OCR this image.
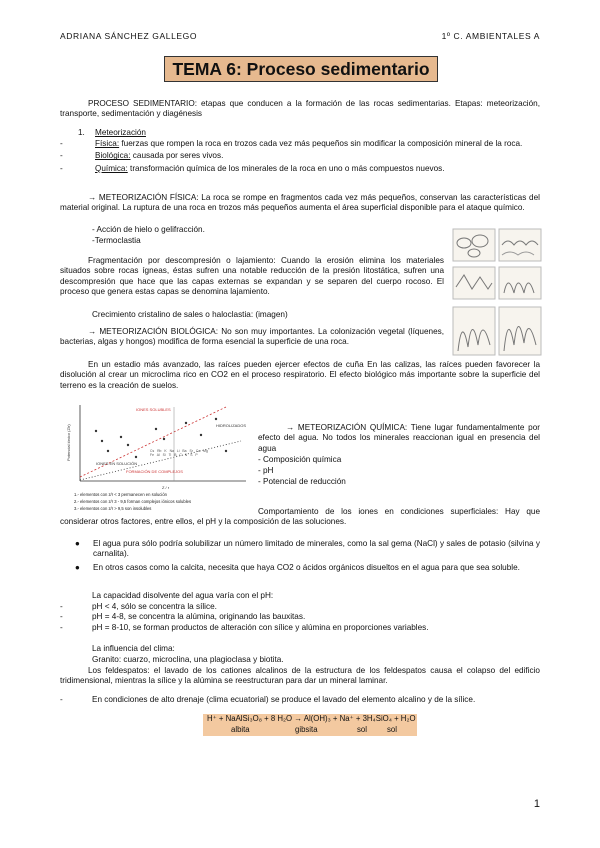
ADRIANA SÁNCHEZ GALLEGO	1º C. AMBIENTALES A
TEMA 6: Proceso sedimentario
PROCESO SEDIMENTARIO: etapas que conducen a la formación de las rocas sedimentarias. Etapas: meteorización, transporte, sedimentación y diagénesis
1. Meteorización
-	Física: fuerzas que rompen la roca en trozos cada vez más pequeños sin modificar la composición mineral de la roca.
-	Biológica: causada por seres vivos.
-	Química: transformación química de los minerales de la roca en uno o más compuestos nuevos.
→ METEORIZACIÓN FÍSICA: La roca se rompe en fragmentos cada vez más pequeños, conservan las características del material original. La ruptura de una roca en trozos más pequeños aumenta el área superficial disponible para el ataque químico.
- Acción de hielo o gelifracción.
-Termoclastia
Fragmentación por descompresión o lajamiento: Cuando la erosión elimina los materiales situados sobre rocas ígneas, éstas sufren una notable reducción de la presión litostática, sufren una descompresión que hace que las capas externas se expandan y se separen del cuerpo rocoso. El proceso que genera estas capas se denomina lajamiento.
Crecimiento cristalino de sales o haloclastia: (imagen)
→ METEORIZACIÓN BIOLÓGICA: No son muy importantes. La colonización vegetal (líquenes, bacterias, algas y hongos) modifica de forma esencial la superficie de una roca.
En un estadio más avanzado, las raíces pueden ejercer efectos de cuña En las calizas, las raíces pueden favorecer la disolución al crear un microclima rico en CO2 en el proceso respiratorio. El efecto biológico más importante sobre la superficie del terreno es la creación de suelos.
IONES SOLUBLES
HIDROLIZADOS
IONES EN SOLUCIÓN
FORMACIÓN DE COMPLEJOS
Potencial iónico (Z/r)
Z / r
1.- elementos con z/r < 3 permanecen en solución
2.- elementos con z/r 3 - 9,5 forman complejos iónicos solubles
3.- elementos con z/r > 9,5 son insolubles
Cs Rb K Na Li Ba Sr Ca Mg Fe Al Si Ti B C N S P
→ METEORIZACIÓN QUÍMICA: Tiene lugar fundamentalmente por efecto del agua. No todos los minerales reaccionan igual en presencia del agua
- Composición química
- pH
- Potencial de reducción
Comportamiento de los iones en condiciones superficiales: Hay que considerar otros factores, entre ellos, el pH y la composición de las soluciones.
● El agua pura sólo podría solubilizar un número limitado de minerales, como la sal gema (NaCl) y sales de potasio (silvina y carnalita).
● En otros casos como la calcita, necesita que haya CO2 o ácidos orgánicos disueltos en el agua para que sea soluble.
La capacidad disolvente del agua varía con el pH:
-	pH < 4, sólo se concentra la sílice.
-	pH = 4-8, se concentra la alúmina, originando las bauxitas.
-	pH = 8-10, se forman productos de alteración con sílice y alúmina en proporciones variables.
La influencia del clima:
Granito: cuarzo, microclina, una plagioclasa y biotita.
Los feldespatos: el lavado de los cationes alcalinos de la estructura de los feldespatos causa el colapso del edificio tridimensional, mientras la sílice y la alúmina se reestructuran para dar un mineral laminar.
-	En condiciones de alto drenaje (clima ecuatorial) se produce el lavado del elemento alcalino y de la sílice.
H⁺ + NaAlSi₃O₈ + 8 H₂O → Al(OH)₃ + Na⁺ + 3H₄SiO₄ + H₂O
albita	gibsita	sol	sol
1
